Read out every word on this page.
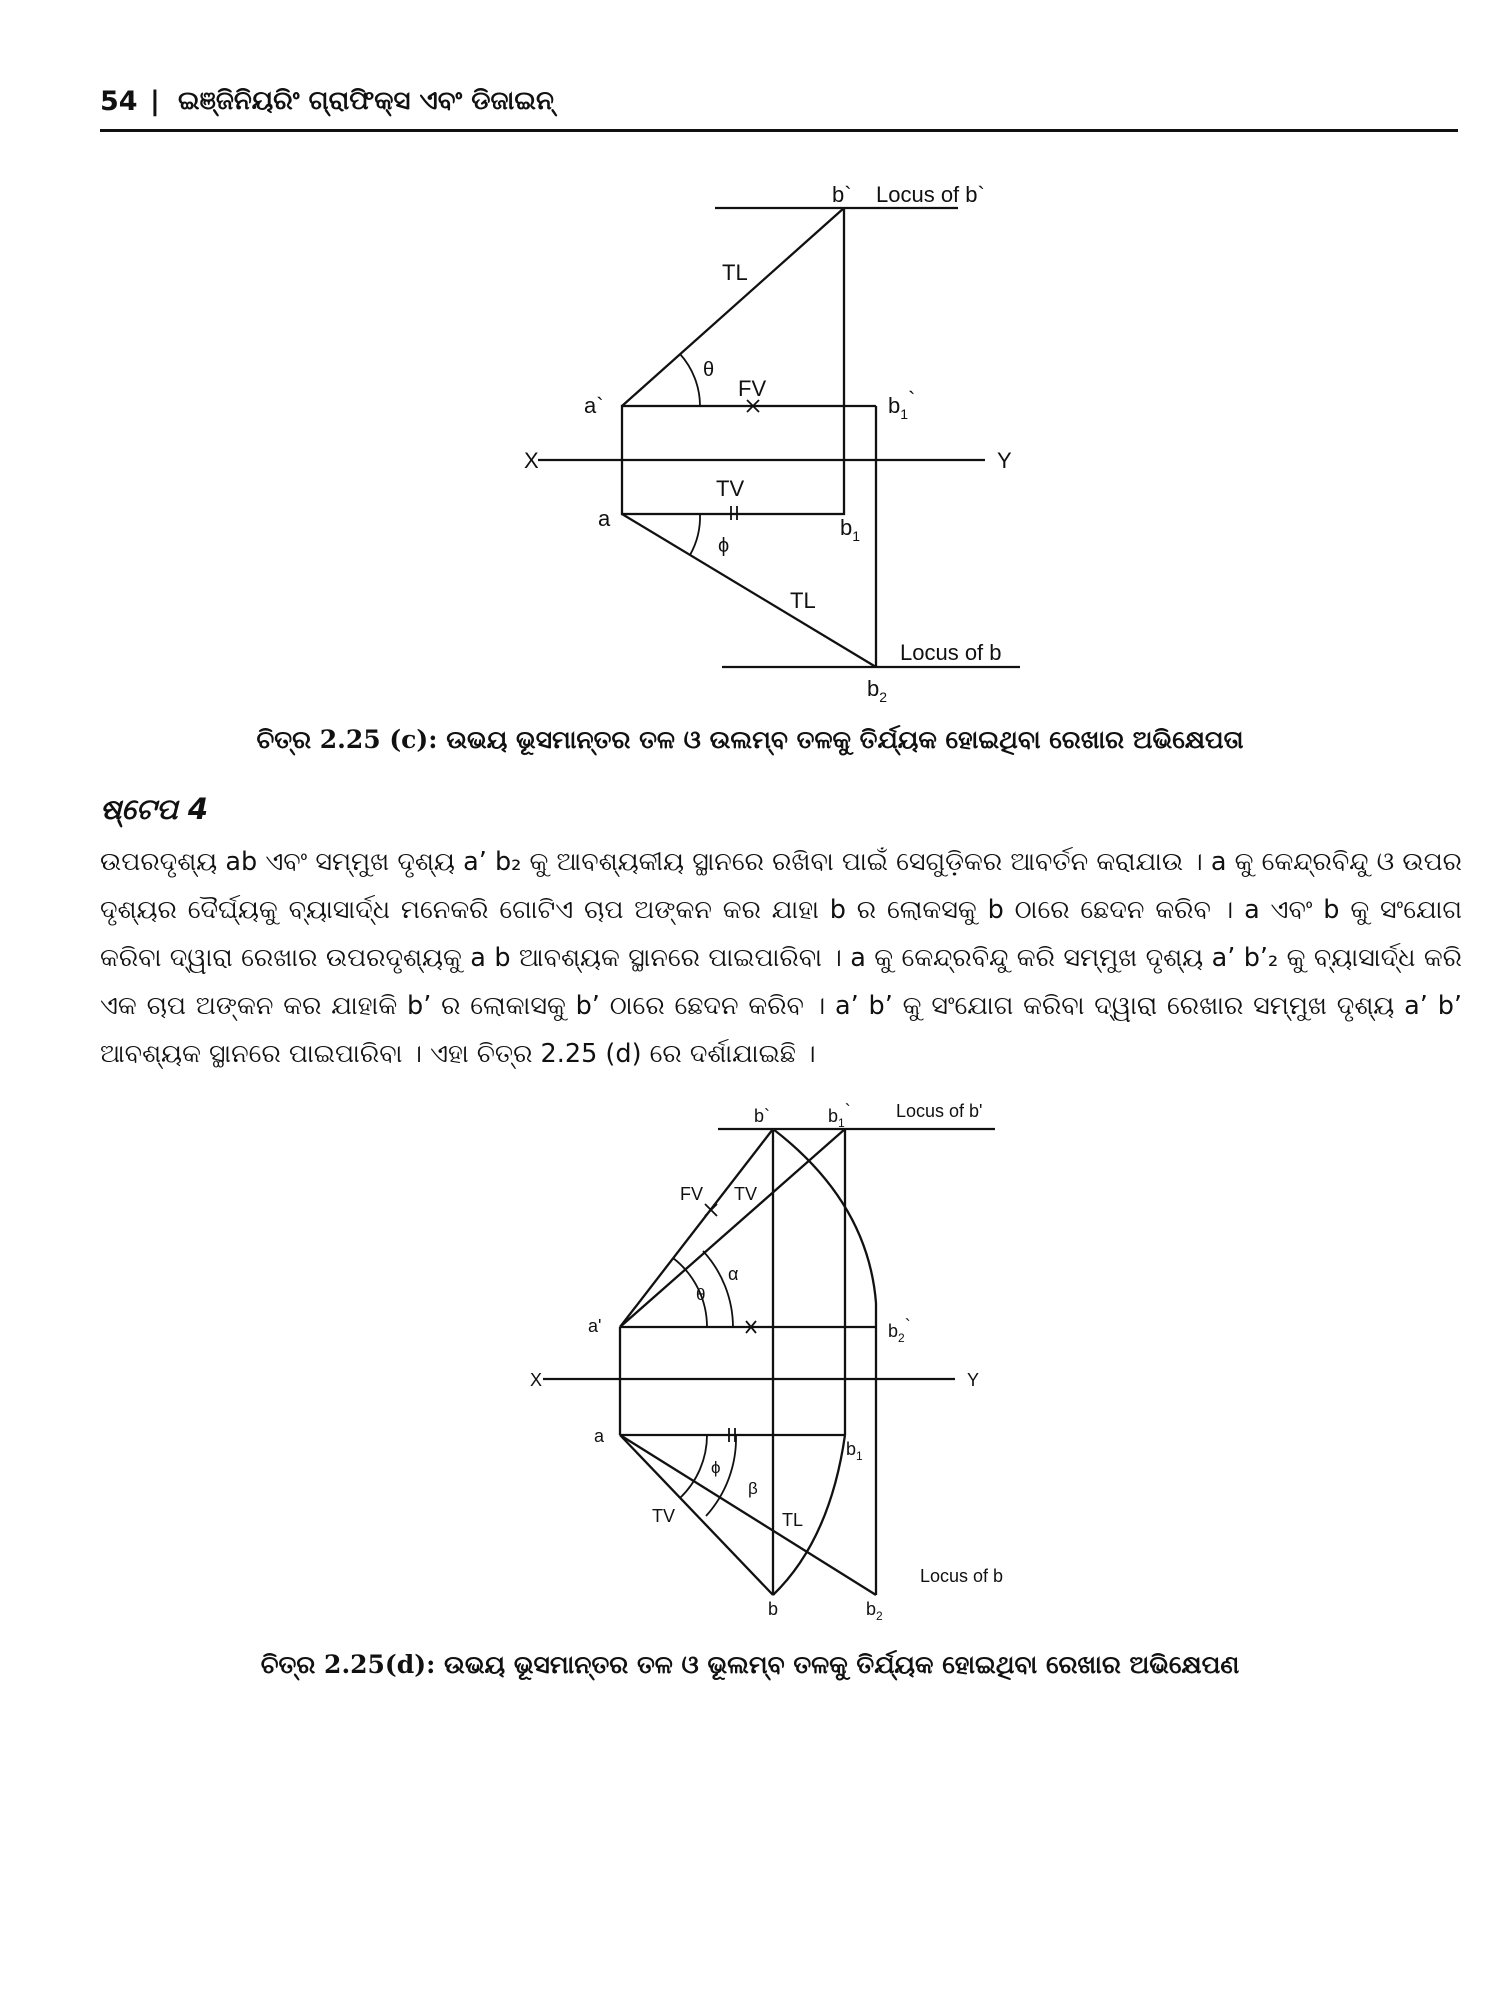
54 | ଇଞ୍ଜିନିୟରିଂ ଗ୍ରାଫିକ୍ସ ଏବଂ ଡିଜାଇନ୍
b` Locus of b`
TL
θ
FV
a`	$b_1`$
X	Y
TV
a	$b_1$
ϕ
TL
Locus of b
$b_2$
ଚିତ୍ର 2.25 (c): ଉଭୟ ଭୂସମାନ୍ତର ତଳ ଓ ଉଲମ୍ବ ତଳକୁ ତିର୍ଯ୍ୟକ ହୋଇଥିବା ରେଖାର ଅଭିକ୍ଷେପତା
ଷ୍ଟେପ 4

ଉପରଦୃଶ୍ୟ ab ଏବଂ ସମ୍ମୁଖ ଦୃଶ୍ୟ a’ b₂ କୁ ଆବଶ୍ୟକୀୟ ସ୍ଥାନରେ ରଖିବା ପାଇଁ ସେଗୁଡ଼ିକର ଆବର୍ତନ କରାଯାଉ । a କୁ କେନ୍ଦ୍ରବିନ୍ଦୁ ଓ ଉପର ଦୃଶ୍ୟର ଦୈର୍ଘ୍ୟକୁ ବ୍ୟାସାର୍ଦ୍ଧ ମନେକରି ଗୋଟିଏ ଚାପ ଅଙ୍କନ କର ଯାହା b ର ଲୋକସକୁ b ଠାରେ ଛେଦନ କରିବ । a ଏବଂ b କୁ ସଂଯୋଗ କରିବା ଦ୍ୱାରା ରେଖାର ଉପରଦୃଶ୍ୟକୁ a b ଆବଶ୍ୟକ ସ୍ଥାନରେ ପାଇପାରିବା । a କୁ କେନ୍ଦ୍ରବିନ୍ଦୁ କରି ସମ୍ମୁଖ ଦୃଶ୍ୟ a’ b’₂ କୁ ବ୍ୟାସାର୍ଦ୍ଧ କରି ଏକ ଚାପ ଅଙ୍କନ କର ଯାହାକି b’ ର ଲୋକାସକୁ b’ ଠାରେ ଛେଦନ କରିବ । a’ b’ କୁ ସଂଯୋଗ କରିବା ଦ୍ୱାରା ରେଖାର ସମ୍ମୁଖ ଦୃଶ୍ୟ a’ b’ ଆବଶ୍ୟକ ସ୍ଥାନରେ ପାଇପାରିବା । ଏହା ଚିତ୍ର 2.25 (d) ରେ ଦର୍ଶାଯାଇଛି ।

b`	$b_1`$	Locus of b'
FV TV
α
θ
a'	$b_2`$
X	Y
a
$b_1$
ϕ
β
TV	TL
Locus of b
b	$b_2$
ଚିତ୍ର 2.25(d): ଉଭୟ ଭୂସମାନ୍ତର ତଳ ଓ ଭୂଲମ୍ବ ତଳକୁ ତିର୍ଯ୍ୟକ ହୋଇଥିବା ରେଖାର ଅଭିକ୍ଷେପଣ
